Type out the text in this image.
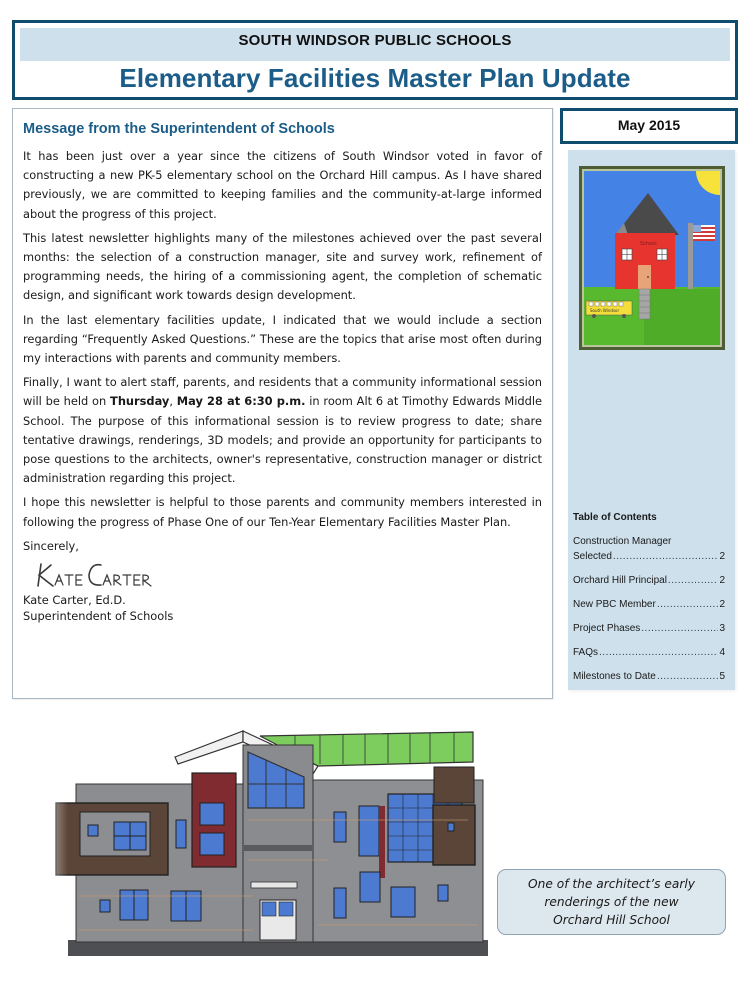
SOUTH WINDSOR PUBLIC SCHOOLS
Elementary Facilities Master Plan Update
May 2015
Message from the Superintendent of Schools

It has been just over a year since the citizens of South Windsor voted in favor of constructing a new PK-5 elementary school on the Orchard Hill campus. As I have shared previously, we are committed to keeping families and the community-at-large informed about the progress of this project.

This latest newsletter highlights many of the milestones achieved over the past several months: the selection of a construction manager, site and survey work, refinement of programming needs, the hiring of a commissioning agent, the completion of schematic design, and significant work towards design development.

In the last elementary facilities update, I indicated that we would include a section regarding “Frequently Asked Questions.” These are the topics that arise most often during my interactions with parents and community members.

Finally, I want to alert staff, parents, and residents that a community informational session will be held on Thursday, May 28 at 6:30 p.m. in room Alt 6 at Timothy Edwards Middle School. The purpose of this informational session is to review progress to date; share tentative drawings, renderings, 3D models; and provide an opportunity for participants to pose questions to the architects, owner's representative, construction manager or district administration regarding this project.

I hope this newsletter is helpful to those parents and community members interested in following the progress of Phase One of our Ten-Year Elementary Facilities Master Plan.

Sincerely,
Kate Carter, Ed.D.
Superintendent of Schools
School
South Windsor
Table of Contents
Construction Manager
Selected .....	2
Orchard Hill Principal .....	2
New PBC Member .....	2
Project Phases .....	3
FAQs .....	4
Milestones to Date .....	5
One of the architect’s early
renderings of the new
Orchard Hill School
